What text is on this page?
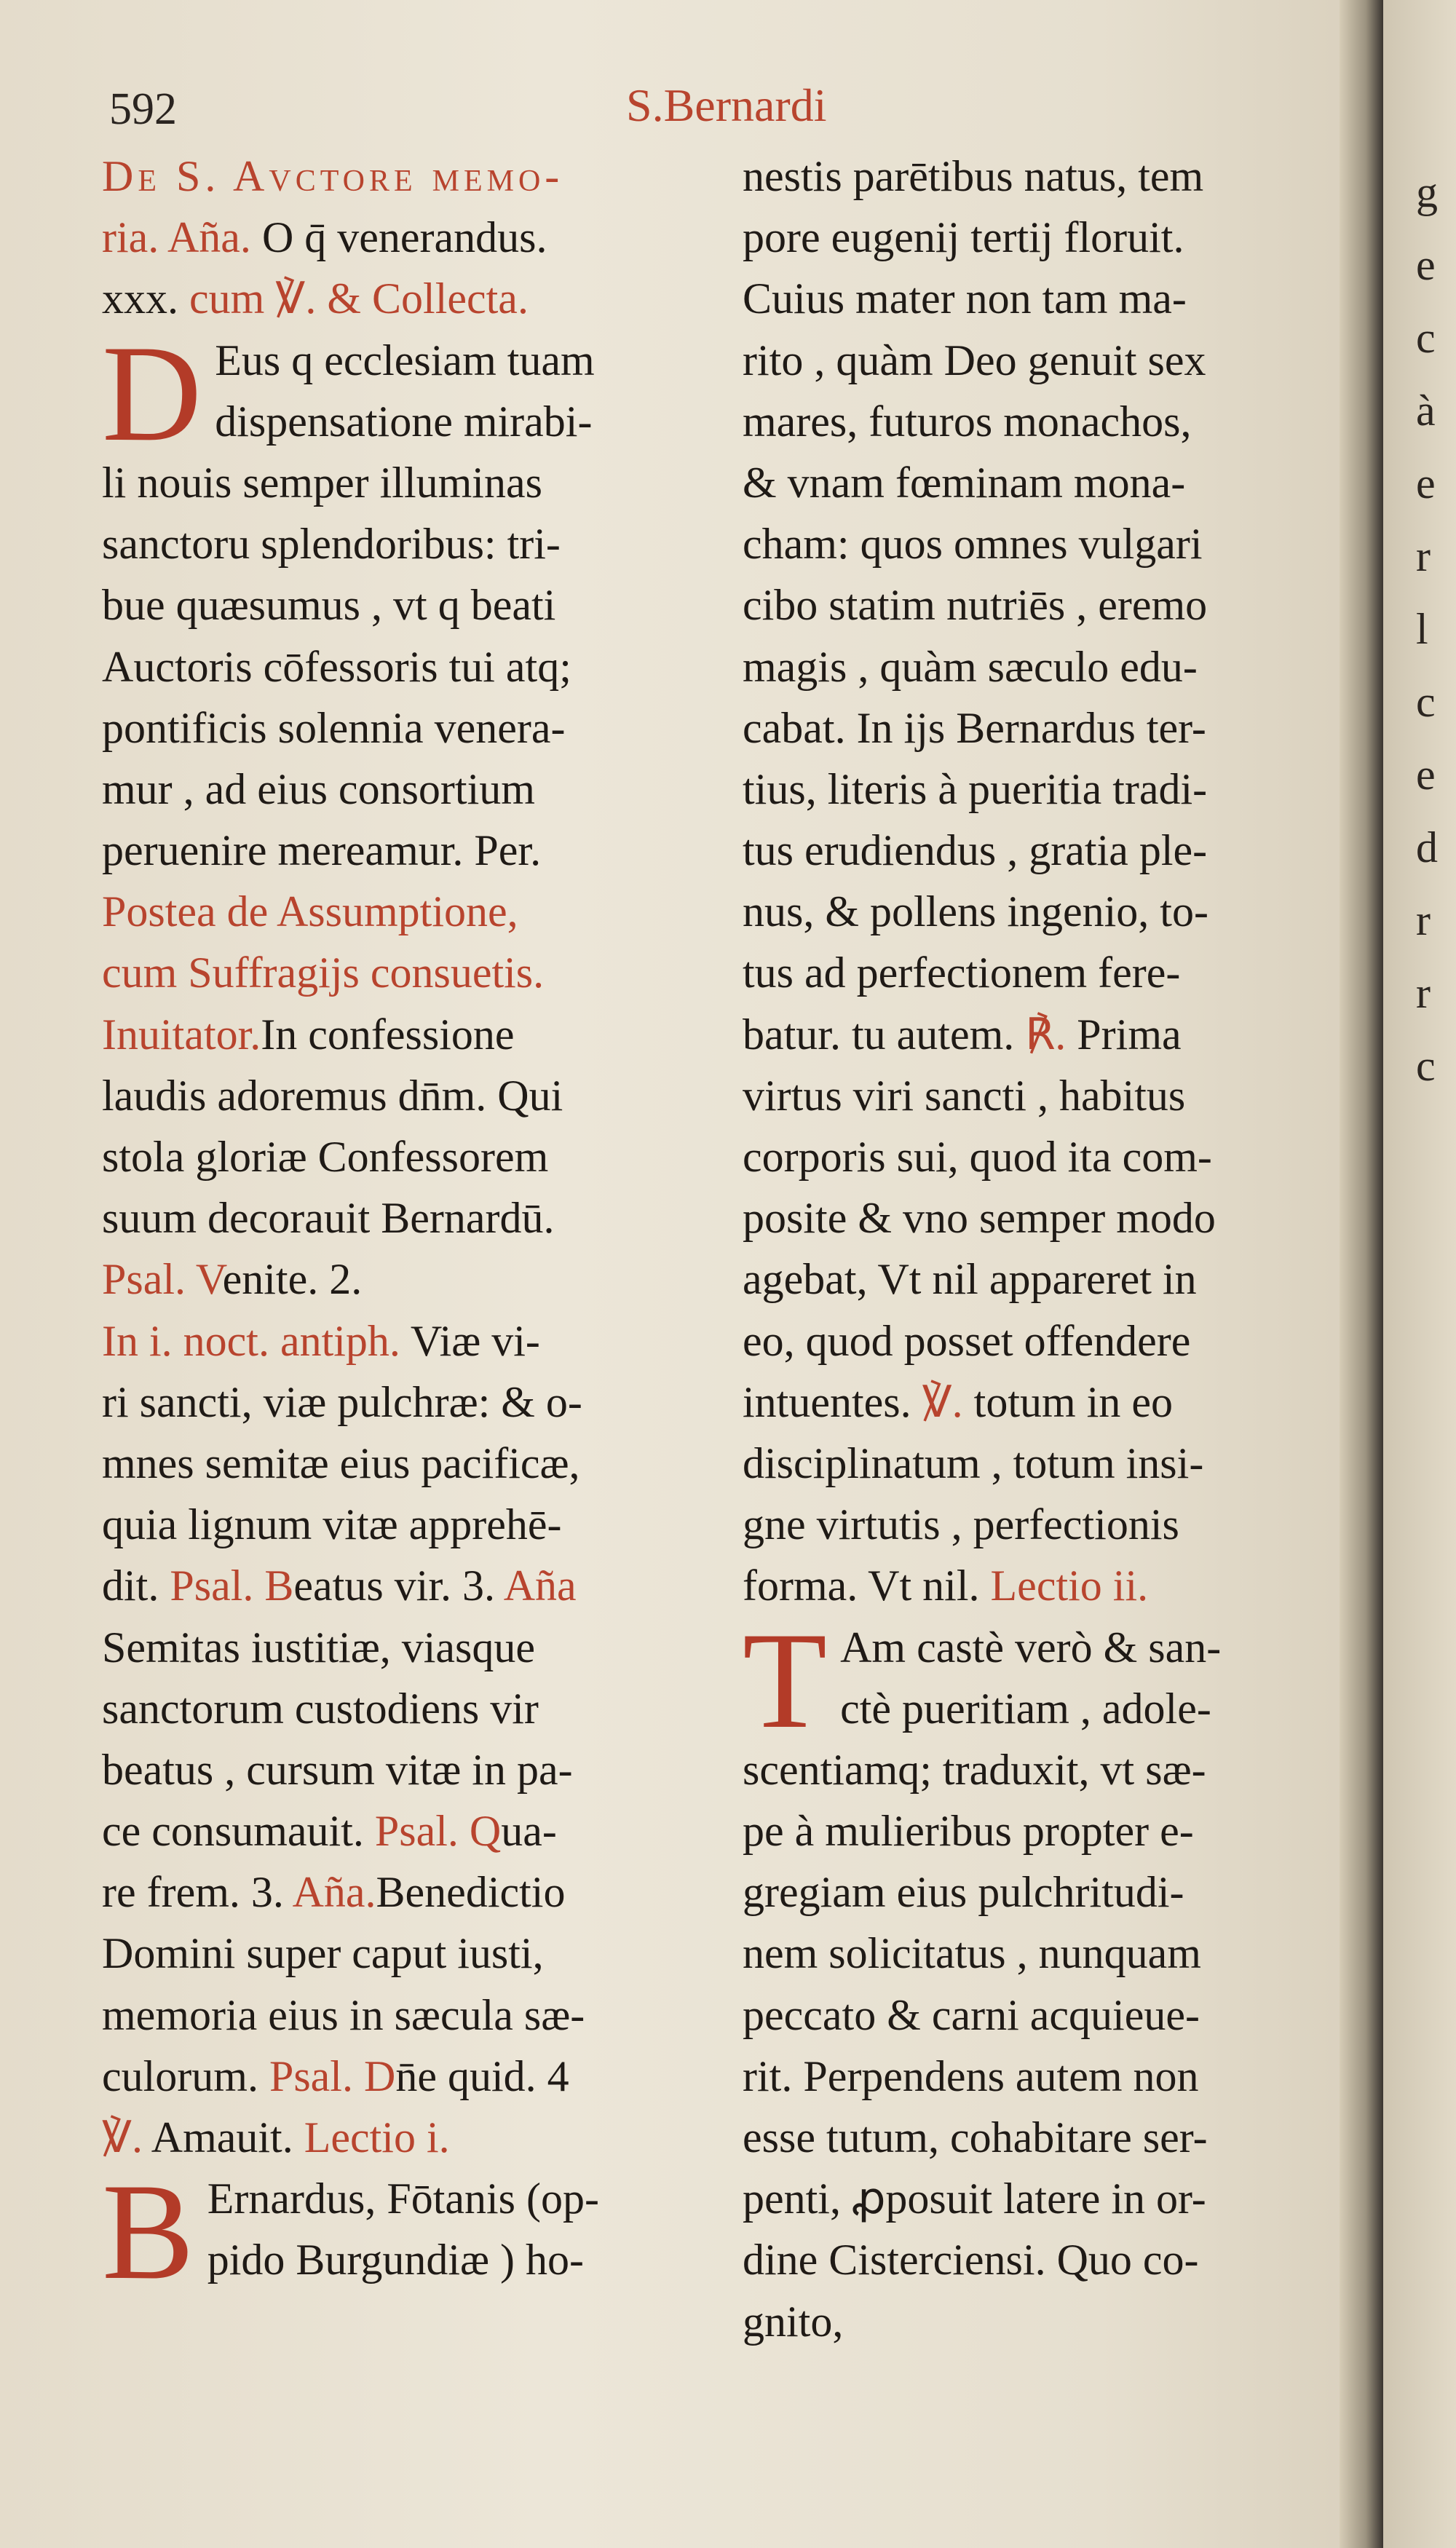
g
e
c
à
e
r
l
c
e
d
r
r
c
592	S.Bernardi
De S. Avctore memo-
ria. Aña. O q̄ venerandus.
xxx. cum ℣. & Collecta.
D Eus q ecclesiam tuam
dispensatione mirabi-
li nouis semper illuminas
sanctoru splendoribus: tri-
bue quæsumus , vt q beati
Auctoris cōfessoris tui atq;
pontificis solennia venera-
mur , ad eius consortium
peruenire mereamur. Per.
Postea de Assumptione,
cum Suffragijs consuetis.
Inuitator.In confessione
laudis adoremus dn̄m. Qui
stola gloriæ Confessorem
suum decorauit Bernardū.
Psal. Venite. 2.
In i. noct. antiph. Viæ vi-
ri sancti, viæ pulchræ: & o-
mnes semitæ eius pacificæ,
quia lignum vitæ apprehē-
dit. Psal. Beatus vir. 3. Aña
Semitas iustitiæ, viasque
sanctorum custodiens vir
beatus , cursum vitæ in pa-
ce consumauit. Psal. Qua-
re frem. 3. Aña.Benedictio
Domini super caput iusti,
memoria eius in sæcula sæ-
culorum. Psal. Dn̄e quid. 4
℣. Amauit. Lectio i.
B Ernardus, Fōtanis (op-
pido Burgundiæ ) ho-
nestis parētibus natus, tem
pore eugenij tertij floruit.
Cuius mater non tam ma-
rito , quàm Deo genuit sex
mares, futuros monachos,
& vnam fœminam mona-
cham: quos omnes vulgari
cibo statim nutriēs , eremo
magis , quàm sæculo edu-
cabat. In ijs Bernardus ter-
tius, literis à pueritia tradi-
tus erudiendus , gratia ple-
nus, & pollens ingenio, to-
tus ad perfectionem fere-
batur. tu autem. ℟. Prima
virtus viri sancti , habitus
corporis sui, quod ita com-
posite & vno semper modo
agebat, Vt nil appareret in
eo, quod posset offendere
intuentes. ℣. totum in eo
disciplinatum , totum insi-
gne virtutis , perfectionis
forma. Vt nil. Lectio ii.
T Am castè verò & san-
ctè pueritiam , adole-
scentiamq; traduxit, vt sæ-
pe à mulieribus propter e-
gregiam eius pulchritudi-
nem solicitatus , nunquam
peccato & carni acquieue-
rit. Perpendens autem non
esse tutum, cohabitare ser-
penti, ꝓposuit latere in or-
dine Cisterciensi. Quo co-
gnito,
